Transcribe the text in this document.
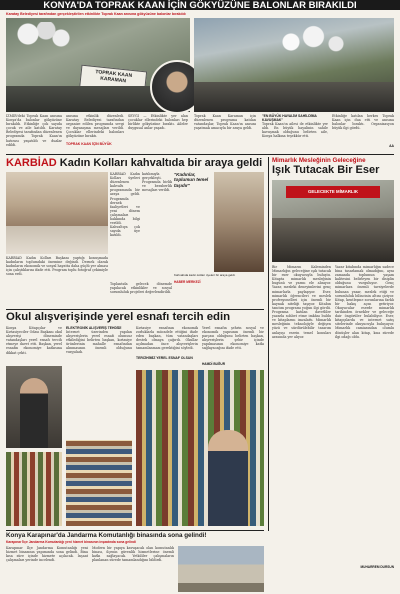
KONYA'DA TOPRAK KAAN İÇİN GÖKYÜZÜNE BALONLAR BIRAKILDI
Karatay Belediyesi tarafından gerçekleştirilen etkinlikte Toprak Kaan anısına gökyüzüne balonlar bırakıldı
TOPRAK KAAN KARAMAN
İZMİR'deki Toprak Kaan anısına Konya'da balonlar gökyüzüne bırakıldı. Etkinliğe çok sayıda çocuk ve aile katıldı. Karatay Belediyesi tarafından düzenlenen programda Toprak Kaan'ın hatırası yaşatıldı ve dualar edildi.
anısına etkinlik düzenledi. Karatay Belediyesi tarafından organize edilen programda sevgi ve dayanışma mesajları verildi. Çocuklar ellerindeki balonları gökyüzüne bıraktı.
TOPRAK KAAN İÇİN BÜYÜK
SEVGİ — Etkinlikte yer alan çocuklar ellerindeki balonları hep birlikte gökyüzüne bıraktı. Aileler duygusal anlar yaşadı.
Toprak Kaan Karaman için düzenlenen programa katılan vatandaşlar, Toprak Kaan'ın anısını yaşatmak amacıyla bir araya geldi.
"EN BÜYÜK HAYALİM SAHİLDİMA KAVUŞMAK"
Toprak Kaan'ın ailesi de etkinlikte yer aldı. En büyük hayalinin sahile kavuşmak olduğunu belirten aile, Konya halkına teşekkür etti.
Etkinliğe katılan herkes Toprak Kaan için dua etti ve anısına balonlar bıraktı. Organizasyon büyük ilgi gördü.
AA
KARBİAD Kadın Kolları kahvaltıda bir araya geldi
KARBİAD Kadın Kolları üyeleri düzenlenen kahvaltı programında bir araya geldi. Programda dernek faaliyetleri ve yeni dönem çalışmaları hakkında bilgi verildi. Kahvaltıya çok sayıda üye katıldı.
katılımıyla gerçekleşti. Programda birlik ve beraberlik mesajları verildi.
"Kadınlar, toplumun temel taşıdır"
KARBİAD Kadın Kolları Başkanı yaptığı konuşmada kadınların toplumdaki önemine değindi. Dernek olarak kadınların ekonomik ve sosyal hayatta daha güçlü yer alması için çalıştıklarını ifade etti. Program toplu fotoğraf çekimiyle sona erdi.
Toplantıda gelecek dönemde yapılacak etkinlikler ve sosyal sorumluluk projeleri değerlendirildi.
Kahvaltıda kadın kolları üyeleri bir araya geldi.
HABER MERKEZİ
Mimarlık Mesleğinin Geleceğine
Işık Tutacak Bir Eser
GELECEKTE MİMARLIK
Bir Mimarın Kaleminden Mimarlığın geleceğine ışık tutacak bir eser okuyucuyla buluştu. Kitapta mimarlık mesleğinin bugünü ve yarını ele alınıyor. Yazar, mesleki deneyimlerini genç mimarlarla paylaşıyor. Eser, mimarlık öğrencileri ve meslek profesyonelleri için önemli bir kaynak niteliği taşıyor. Kitabın tanıtım programı yoğun ilgi gördü. Programa katılan davetliler yazarla sohbet etme imkânı buldu ve kitaplarını imzalattı. Mimarlık mesleğinin teknolojiyle değişen yüzü ve sürdürülebilir tasarım anlayışı eserin temel konuları arasında yer alıyor.
Yazar kitabında mimarlığın sadece bina tasarlamak olmadığını, aynı zamanda toplumun yaşam kalitesini belirleyen bir disiplin olduğunu vurguluyor. Genç mimarlara önemli tavsiyelerde bulunan yazar, meslek etiği ve sorumluluk bilincinin altını çiziyor. Kitap, kentleşme sorunlarına farklı bir bakış açısı getiriyor. Okuyucular eserde mimarlık tarihinden örnekler ve geleceğe dair öngörüler bulabiliyor. Eser, kitapçılarda ve internet satış sitelerinde okuyucuyla buluşuyor. Mimarlık camiasından olumlu dönüşler alan kitap, kısa sürede ilgi odağı oldu.
MUHARREM DURSUN
Okul alışverişinde yerel esnafı tercih edin
Konya Kitapçılar ve Kırtasiyeciler Odası Başkanı okul alışverişi döneminde vatandaşları yerel esnafı tercih etmeye davet etti. Başkan, yerel esnafın ekonomiye katkısına dikkat çekti.
ELEKTRONİK ALIŞVERİŞ TEHDİDİ
İnternet üzerinden yapılan alışverişlerin yerel esnafı olumsuz etkilediğini belirten başkan, kırtasiye ürünlerinin mahalle esnafından alınmasının önemli olduğunu vurguladı.
Kırtasiye esnafının ekonomik zorluklarla mücadele ettiğini ifade eden başkan, tüm vatandaşları destek olmaya çağırdı. Okullar açılmadan önce alışverişlerin tamamlanması gerektiğini söyledi.
TERCİHİMİZ YEREL ESNAF OLSUN
Yerel esnafın şehrin sosyal ve ekonomik yapısının önemli bir parçası olduğunu belirten başkan, alışverişlerin şehir içinde yapılmasının ekonomiye katkı sağlayacağını ifade etti.
HAMDİ BUĞUR
Konya Karapınar'da Jandarma Komutanlığı binasında sona gelindi!
Karapınar İlçe Jandarma Komutanlığı yeni hizmet binasının inşaatında sona gelindi
Karapınar İlçe Jandarma Komutanlığı yeni hizmet binasının yapımında sona gelindi. Bina kısa süre içinde hizmete açılacak. İnşaat çalışmaları yerinde incelendi.
Modern bir yapıya kavuşacak olan komutanlık binası, ilçenin güvenlik hizmetlerine önemli katkı sağlayacak. Yetkililer çalışmaların planlanan sürede tamamlandığını bildirdi.
